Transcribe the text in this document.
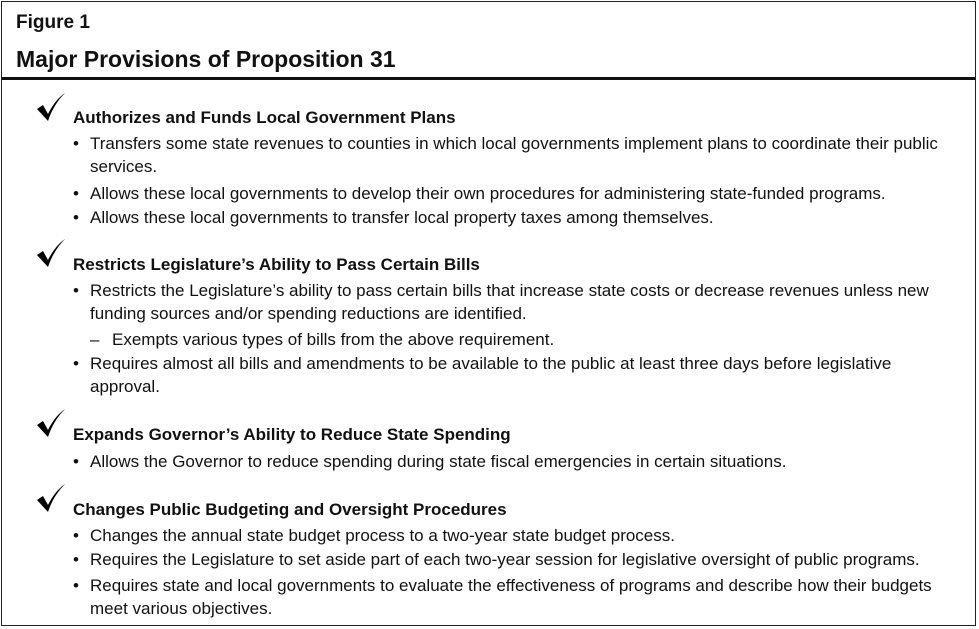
Figure 1
Major Provisions of Proposition 31
Authorizes and Funds Local Government Plans
• Transfers some state revenues to counties in which local governments implement plans to coordinate their public services.
• Allows these local governments to develop their own procedures for administering state-funded programs.
• Allows these local governments to transfer local property taxes among themselves.
Restricts Legislature’s Ability to Pass Certain Bills
• Restricts the Legislature’s ability to pass certain bills that increase state costs or decrease revenues unless new funding sources and/or spending reductions are identified.
– Exempts various types of bills from the above requirement.
• Requires almost all bills and amendments to be available to the public at least three days before legislative approval.
Expands Governor’s Ability to Reduce State Spending
• Allows the Governor to reduce spending during state fiscal emergencies in certain situations.
Changes Public Budgeting and Oversight Procedures
• Changes the annual state budget process to a two-year state budget process.
• Requires the Legislature to set aside part of each two-year session for legislative oversight of public programs.
• Requires state and local governments to evaluate the effectiveness of programs and describe how their budgets meet various objectives.
